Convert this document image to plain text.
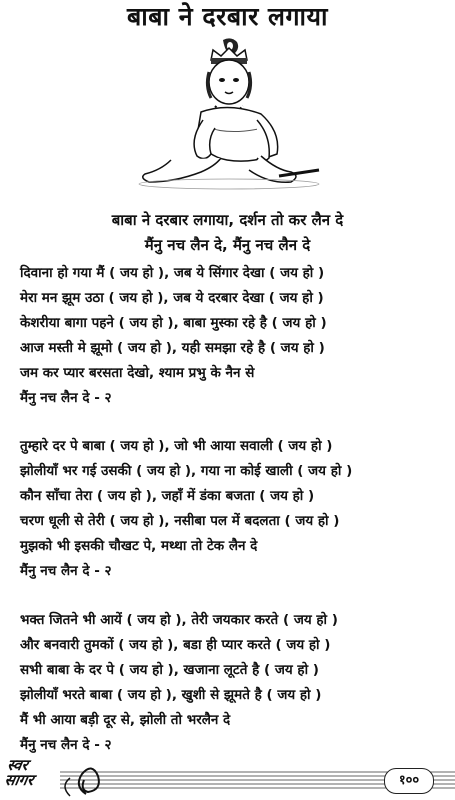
बाबा ने दरबार लगाया
बाबा ने दरबार लगाया, दर्शन तो कर लैन दे
मैंनु नच लैन दे, मैंनु नच लैन दे
दिवाना हो गया मैं ( जय हो ), जब ये सिंगार देखा ( जय हो )
मेरा मन झूम उठा ( जय हो ), जब ये दरबार देखा ( जय हो )
केशरीया बागा पहने ( जय हो ), बाबा मुस्का रहे है ( जय हो )
आज मस्ती मे झूमो ( जय हो ), यही समझा रहे है ( जय हो )
जम कर प्यार बरसता देखो, श्याम प्रभु के नैन से
मैंनु नच लैन दे - २
तुम्हारे दर पे बाबा ( जय हो ), जो भी आया सवाली ( जय हो )
झोलीयाँ भर गई उसकी ( जय हो ), गया ना कोई खाली ( जय हो )
कौन साँचा तेरा ( जय हो ), जहाँ में डंका बजता ( जय हो )
चरण धूली से तेरी ( जय हो ), नसीबा पल में बदलता ( जय हो )
मुझको भी इसकी चौखट पे, मथ्था तो टेक लैन दे
मैंनु नच लैन दे - २
भक्त जितने भी आयें ( जय हो ), तेरी जयकार करते ( जय हो )
और बनवारी तुमकों ( जय हो ), बडा ही प्यार करते ( जय हो )
सभी बाबा के दर पे ( जय हो ), खजाना लूटते है ( जय हो )
झोलीयाँ भरते बाबा ( जय हो ), खुशी से झूमते है ( जय हो )
मैं भी आया बड़ी दूर से, झोली तो भरलैन दे
मैंनु नच लैन दे - २
स्वर
सागर	१००
